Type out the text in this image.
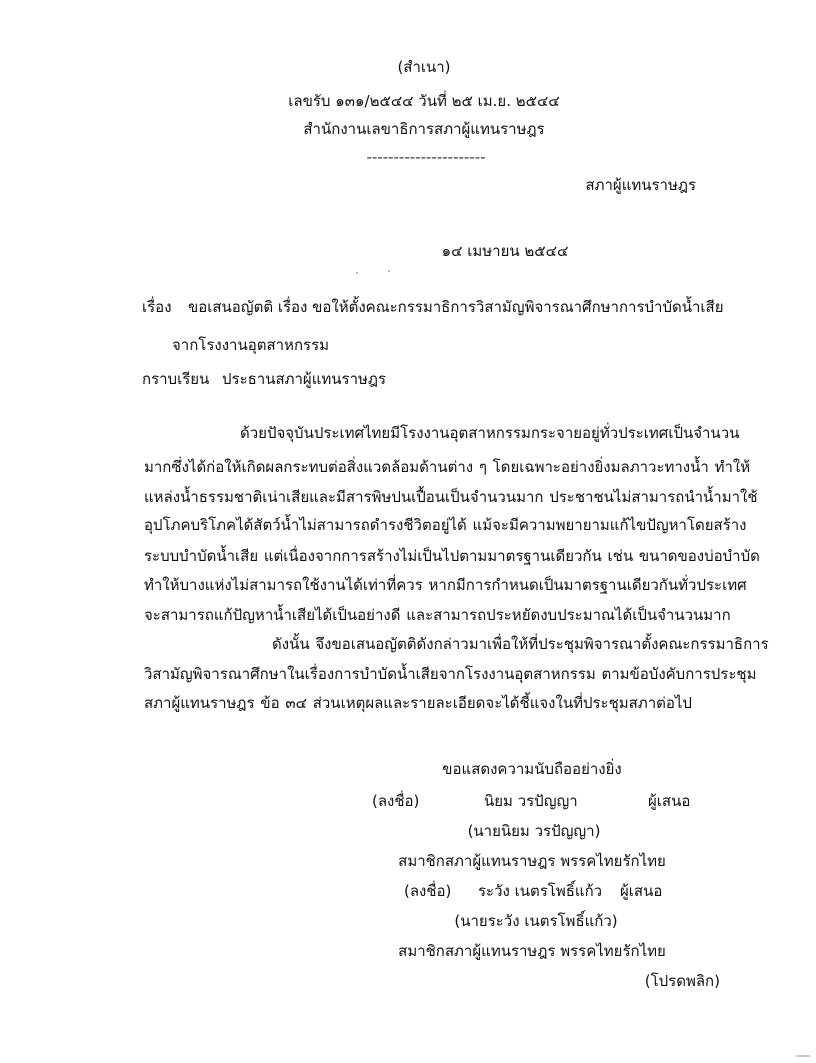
(สำเนา)
เลขรับ ๑๓๑/๒๕๔๔ วันที่ ๒๕ เม.ย. ๒๕๔๔
สำนักงานเลขาธิการสภาผู้แทนราษฎร
----------------------
สภาผู้แทนราษฎร
๑๔ เมษายน ๒๕๔๔
เรื่อง ขอเสนอญัตติ เรื่อง ขอให้ตั้งคณะกรรมาธิการวิสามัญพิจารณาศึกษาการบำบัดน้ำเสีย
จากโรงงานอุตสาหกรรม
กราบเรียน ประธานสภาผู้แทนราษฎร
ด้วยปัจจุบันประเทศไทยมีโรงงานอุตสาหกรรมกระจายอยู่ทั่วประเทศเป็นจำนวน
มากซึ่งได้ก่อให้เกิดผลกระทบต่อสิ่งแวดล้อมด้านต่าง ๆ โดยเฉพาะอย่างยิ่งมลภาวะทางน้ำ ทำให้
แหล่งน้ำธรรมชาติเน่าเสียและมีสารพิษปนเปื้อนเป็นจำนวนมาก ประชาชนไม่สามารถนำน้ำมาใช้
อุปโภคบริโภคได้สัตว์น้ำไม่สามารถดำรงชีวิตอยู่ได้ แม้จะมีความพยายามแก้ไขปัญหาโดยสร้าง
ระบบบำบัดน้ำเสีย แต่เนื่องจากการสร้างไม่เป็นไปตามมาตรฐานเดียวกัน เช่น ขนาดของบ่อบำบัด
ทำให้บางแห่งไม่สามารถใช้งานได้เท่าที่ควร หากมีการกำหนดเป็นมาตรฐานเดียวกันทั่วประเทศ
จะสามารถแก้ปัญหาน้ำเสียได้เป็นอย่างดี และสามารถประหยัดงบประมาณได้เป็นจำนวนมาก
ดังนั้น จึงขอเสนอญัตติดังกล่าวมาเพื่อให้ที่ประชุมพิจารณาตั้งคณะกรรมาธิการ
วิสามัญพิจารณาศึกษาในเรื่องการบำบัดน้ำเสียจากโรงงานอุตสาหกรรม ตามข้อบังคับการประชุม
สภาผู้แทนราษฎร ข้อ ๓๔ ส่วนเหตุผลและรายละเอียดจะได้ชี้แจงในที่ประชุมสภาต่อไป
ขอแสดงความนับถืออย่างยิ่ง
(ลงชื่อ)	นิยม วรปัญญา	ผู้เสนอ
(นายนิยม วรปัญญา)
สมาชิกสภาผู้แทนราษฎร พรรคไทยรักไทย
(ลงชื่อ) ระวัง เนตรโพธิ์แก้ว ผู้เสนอ
(นายระวัง เนตรโพธิ์แก้ว)
สมาชิกสภาผู้แทนราษฎร พรรคไทยรักไทย
(โปรดพลิก)
